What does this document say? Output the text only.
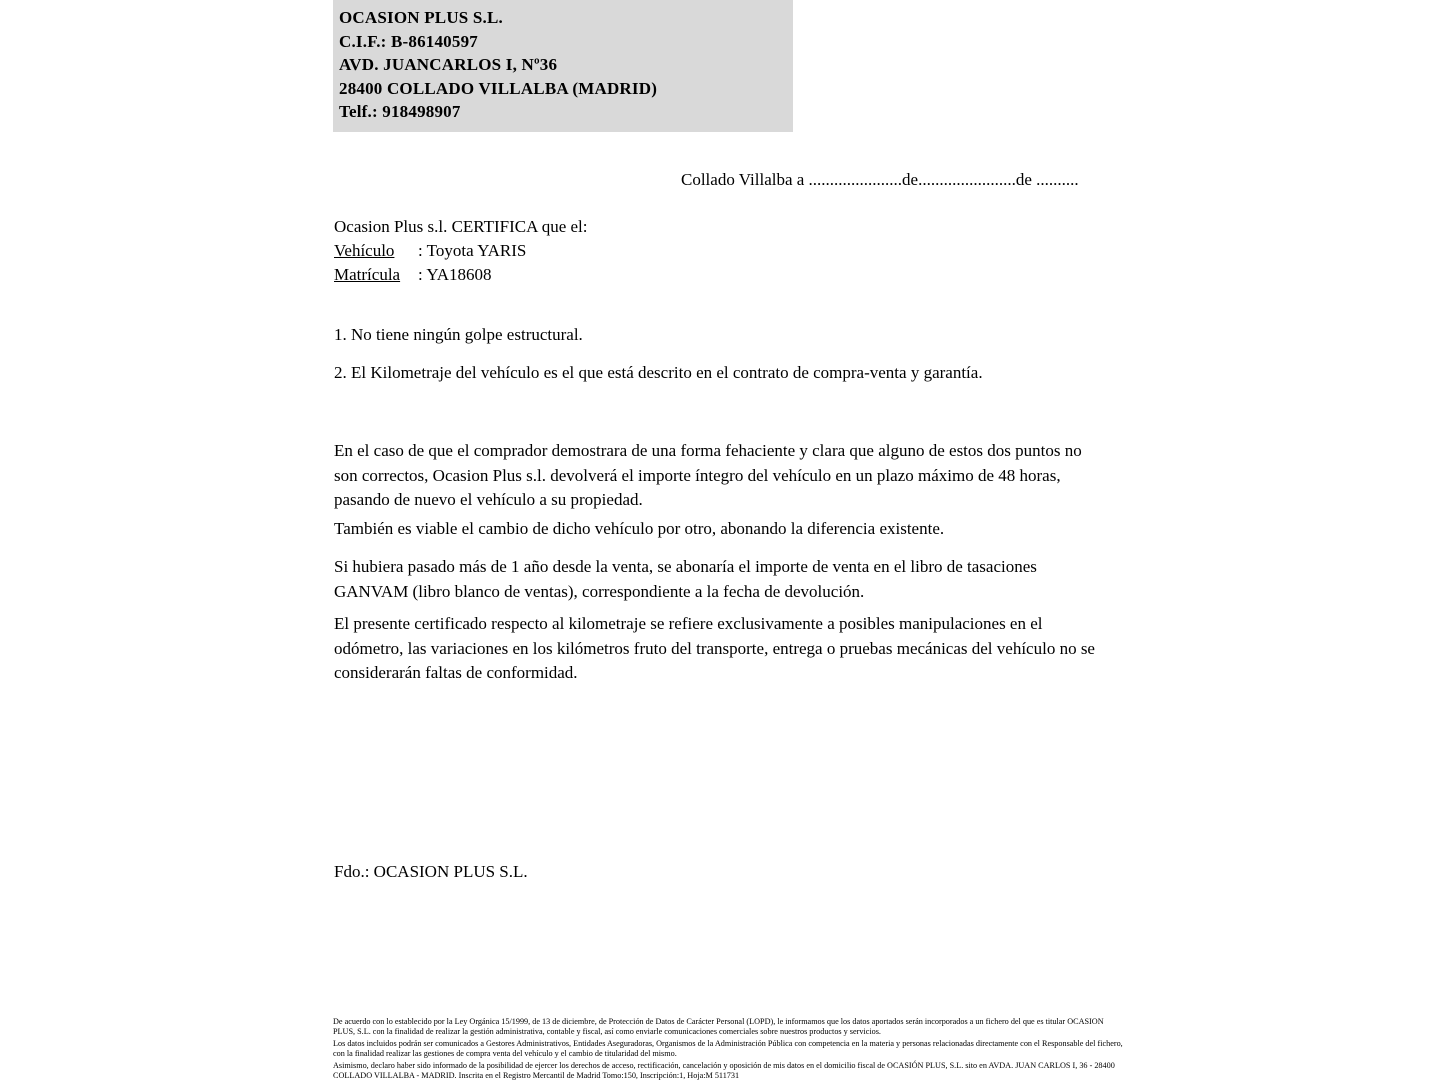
OCASION PLUS S.L.
C.I.F.: B-86140597
AVD. JUANCARLOS I, Nº36
28400 COLLADO VILLALBA (MADRID)
Telf.: 918498907
Collado Villalba a ......................de.......................de ..........
Ocasion Plus s.l. CERTIFICA que el:
Vehículo : Toyota YARIS
Matrícula : YA18608
1. No tiene ningún golpe estructural.
2. El Kilometraje del vehículo es el que está descrito en el contrato de compra-venta y garantía.
En el caso de que el comprador demostrara de una forma fehaciente y clara que alguno de estos dos puntos no son correctos, Ocasion Plus s.l. devolverá el importe íntegro del vehículo en un plazo máximo de 48 horas, pasando de nuevo el vehículo a su propiedad.
También es viable el cambio de dicho vehículo por otro, abonando la diferencia existente.
Si hubiera pasado más de 1 año desde la venta, se abonaría el importe de venta en el libro de tasaciones GANVAM (libro blanco de ventas), correspondiente a la fecha de devolución.
El presente certificado respecto al kilometraje se refiere exclusivamente a posibles manipulaciones en el odómetro, las variaciones en los kilómetros fruto del transporte, entrega o pruebas mecánicas del vehículo no se considerarán faltas de conformidad.
Fdo.: OCASION PLUS S.L.

De acuerdo con lo establecido por la Ley Orgánica 15/1999, de 13 de diciembre, de Protección de Datos de Carácter Personal (LOPD), le informamos que los datos aportados serán incorporados a un fichero del que es titular OCASION PLUS, S.L. con la finalidad de realizar la gestión administrativa, contable y fiscal, así como enviarle comunicaciones comerciales sobre nuestros productos y servicios.

Los datos incluidos podrán ser comunicados a Gestores Administrativos, Entidades Aseguradoras, Organismos de la Administración Pública con competencia en la materia y personas relacionadas directamente con el Responsable del fichero, con la finalidad realizar las gestiones de compra venta del vehículo y el cambio de titularidad del mismo.

Asimismo, declaro haber sido informado de la posibilidad de ejercer los derechos de acceso, rectificación, cancelación y oposición de mis datos en el domicilio fiscal de OCASIÓN PLUS, S.L. sito en AVDA. JUAN CARLOS I, 36 - 28400 COLLADO VILLALBA - MADRID. Inscrita en el Registro Mercantil de Madrid Tomo:150, Inscripción:1, Hoja:M 511731
